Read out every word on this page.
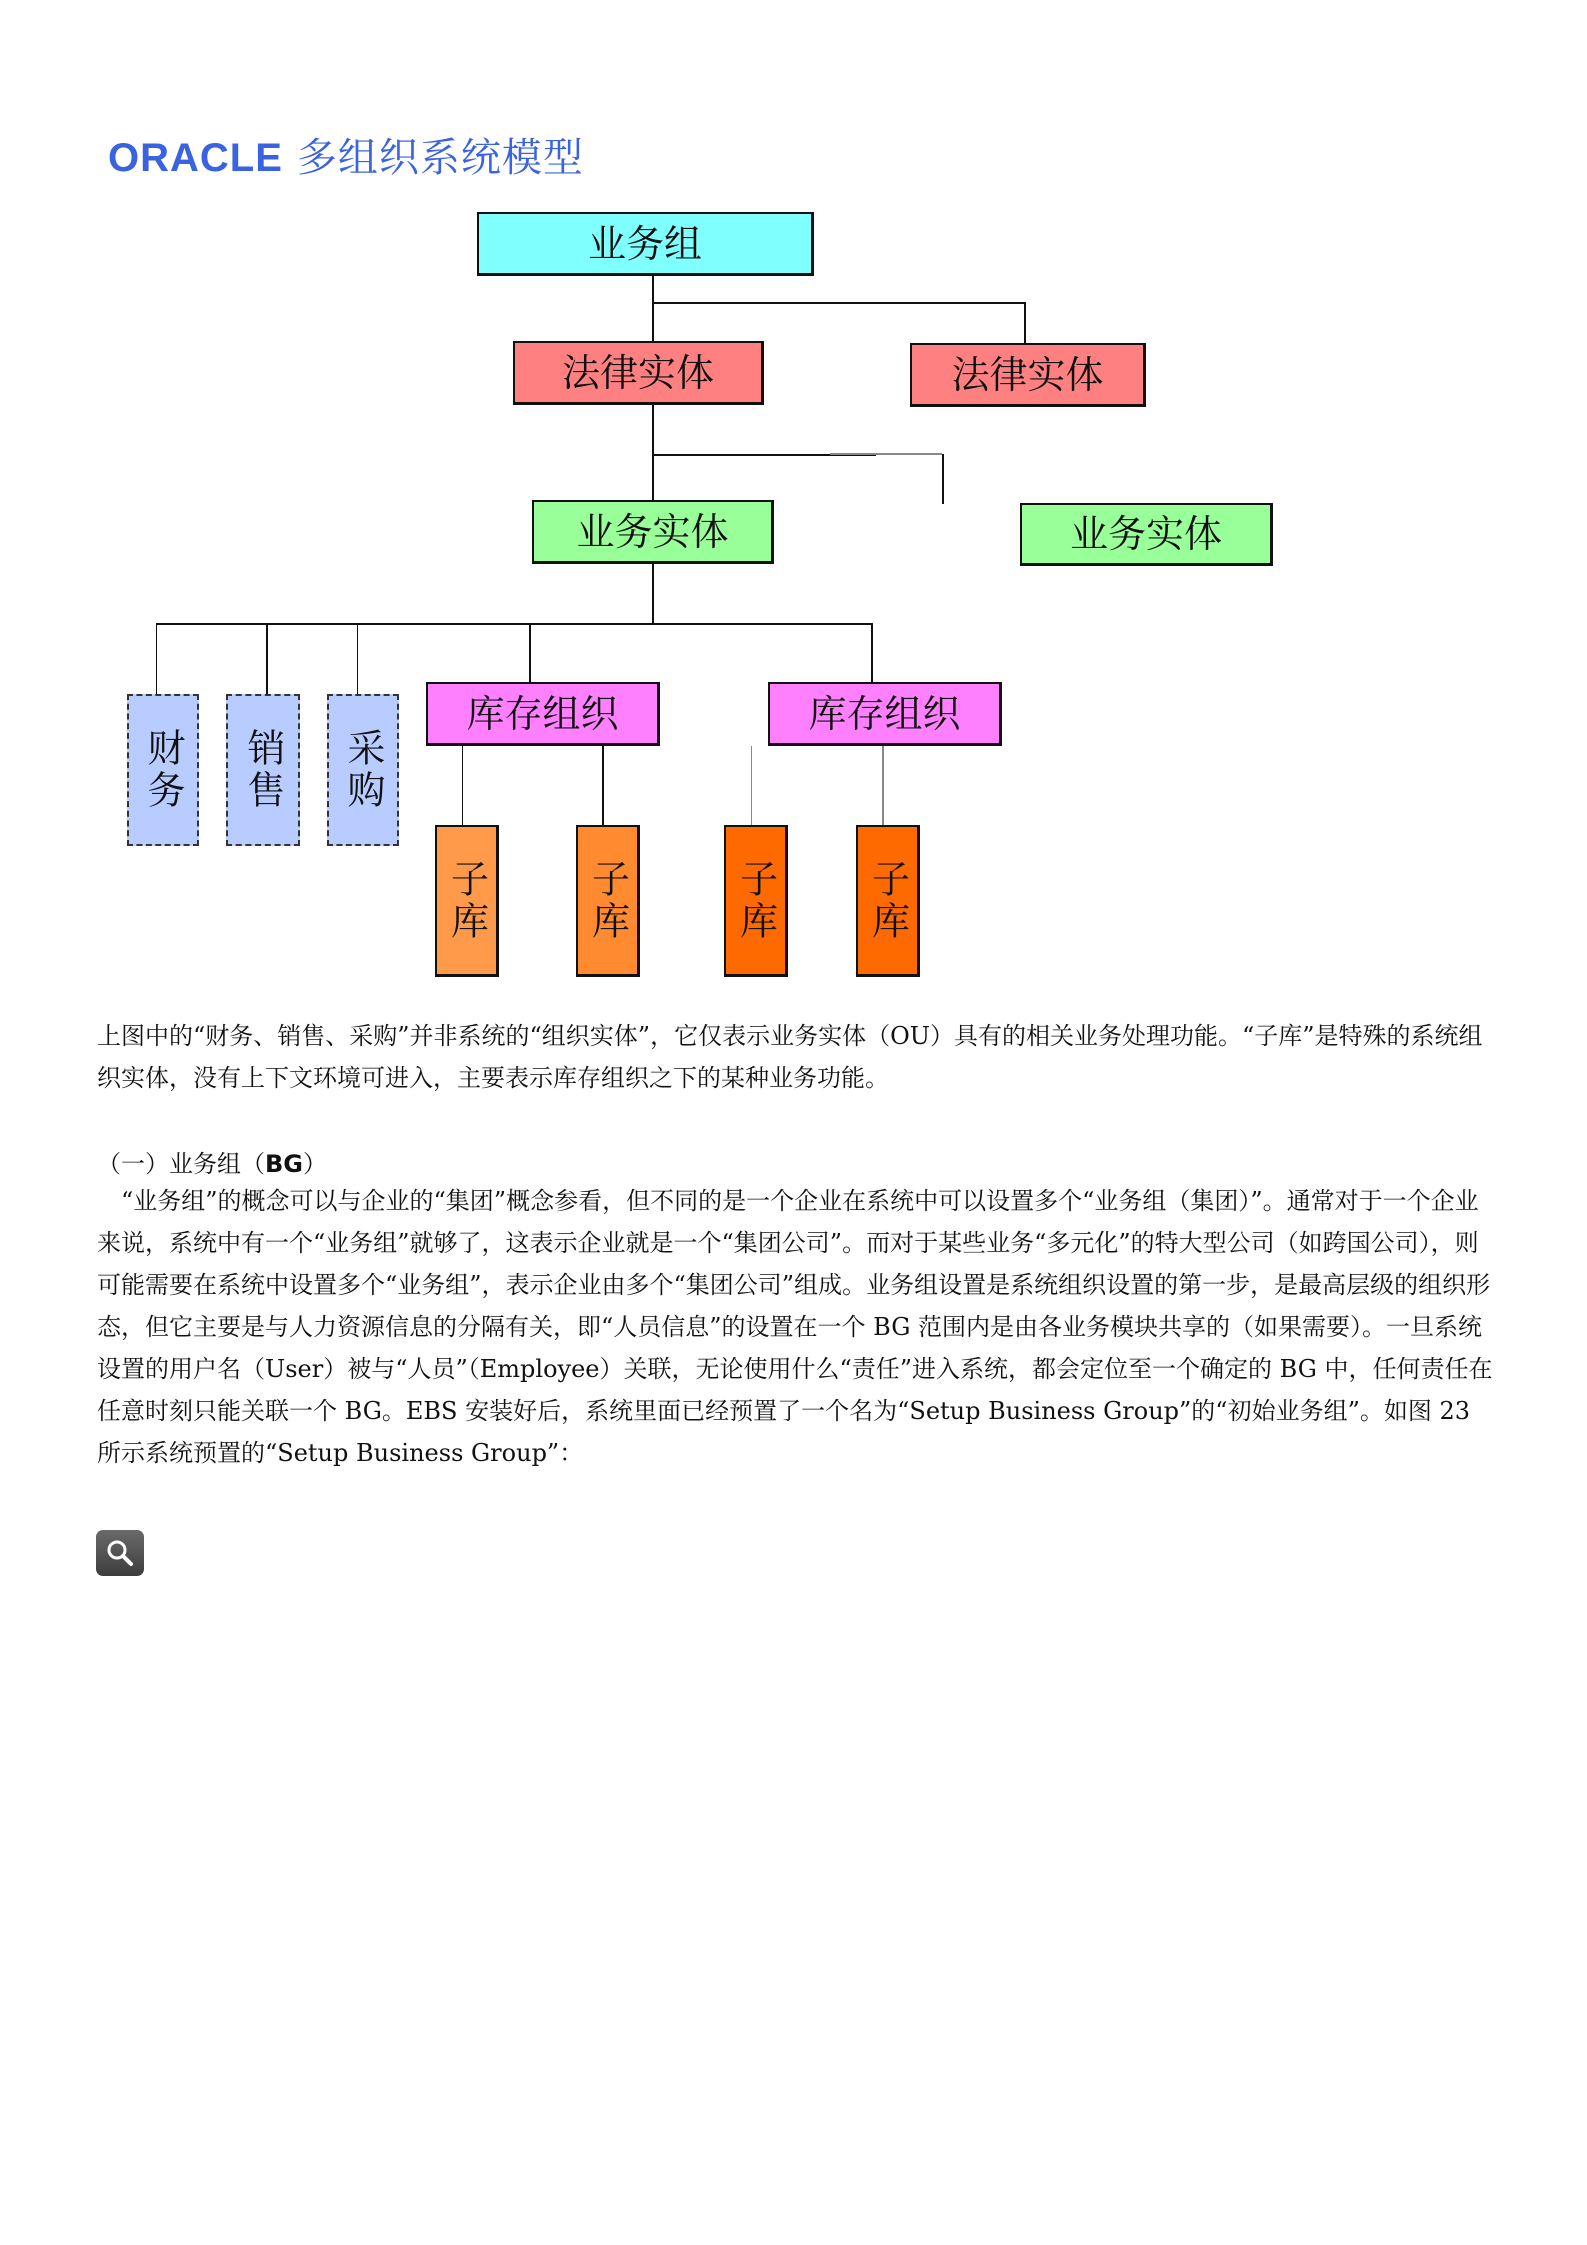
ORACLE 多组织系统模型
业务组
法律实体	法律实体
业务实体	业务实体
财务 销售 采购
库存组织	库存组织
子库	子库	子库 子库

上图中的“财务、销售、采购”并非系统的“组织实体”，它仅表示业务实体（OU）具有的相关业务处理功能。“子库”是特殊的系统组织实体，没有上下文环境可进入，主要表示库存组织之下的某种业务功能。

（一）业务组（BG）

“业务组”的概念可以与企业的“集团”概念参看，但不同的是一个企业在系统中可以设置多个“业务组（集团）”。通常对于一个企业来说，系统中有一个“业务组”就够了，这表示企业就是一个“集团公司”。而对于某些业务“多元化”的特大型公司（如跨国公司），则可能需要在系统中设置多个“业务组”，表示企业由多个“集团公司”组成。业务组设置是系统组织设置的第一步，是最高层级的组织形态，但它主要是与人力资源信息的分隔有关，即“人员信息”的设置在一个 BG 范围内是由各业务模块共享的（如果需要）。一旦系统设置的用户名（User）被与“人员”（Employee）关联，无论使用什么“责任”进入系统，都会定位至一个确定的 BG 中，任何责任在任意时刻只能关联一个 BG。EBS 安装好后，系统里面已经预置了一个名为“Setup Business Group”的“初始业务组”。如图 23 所示系统预置的“Setup Business Group”：
